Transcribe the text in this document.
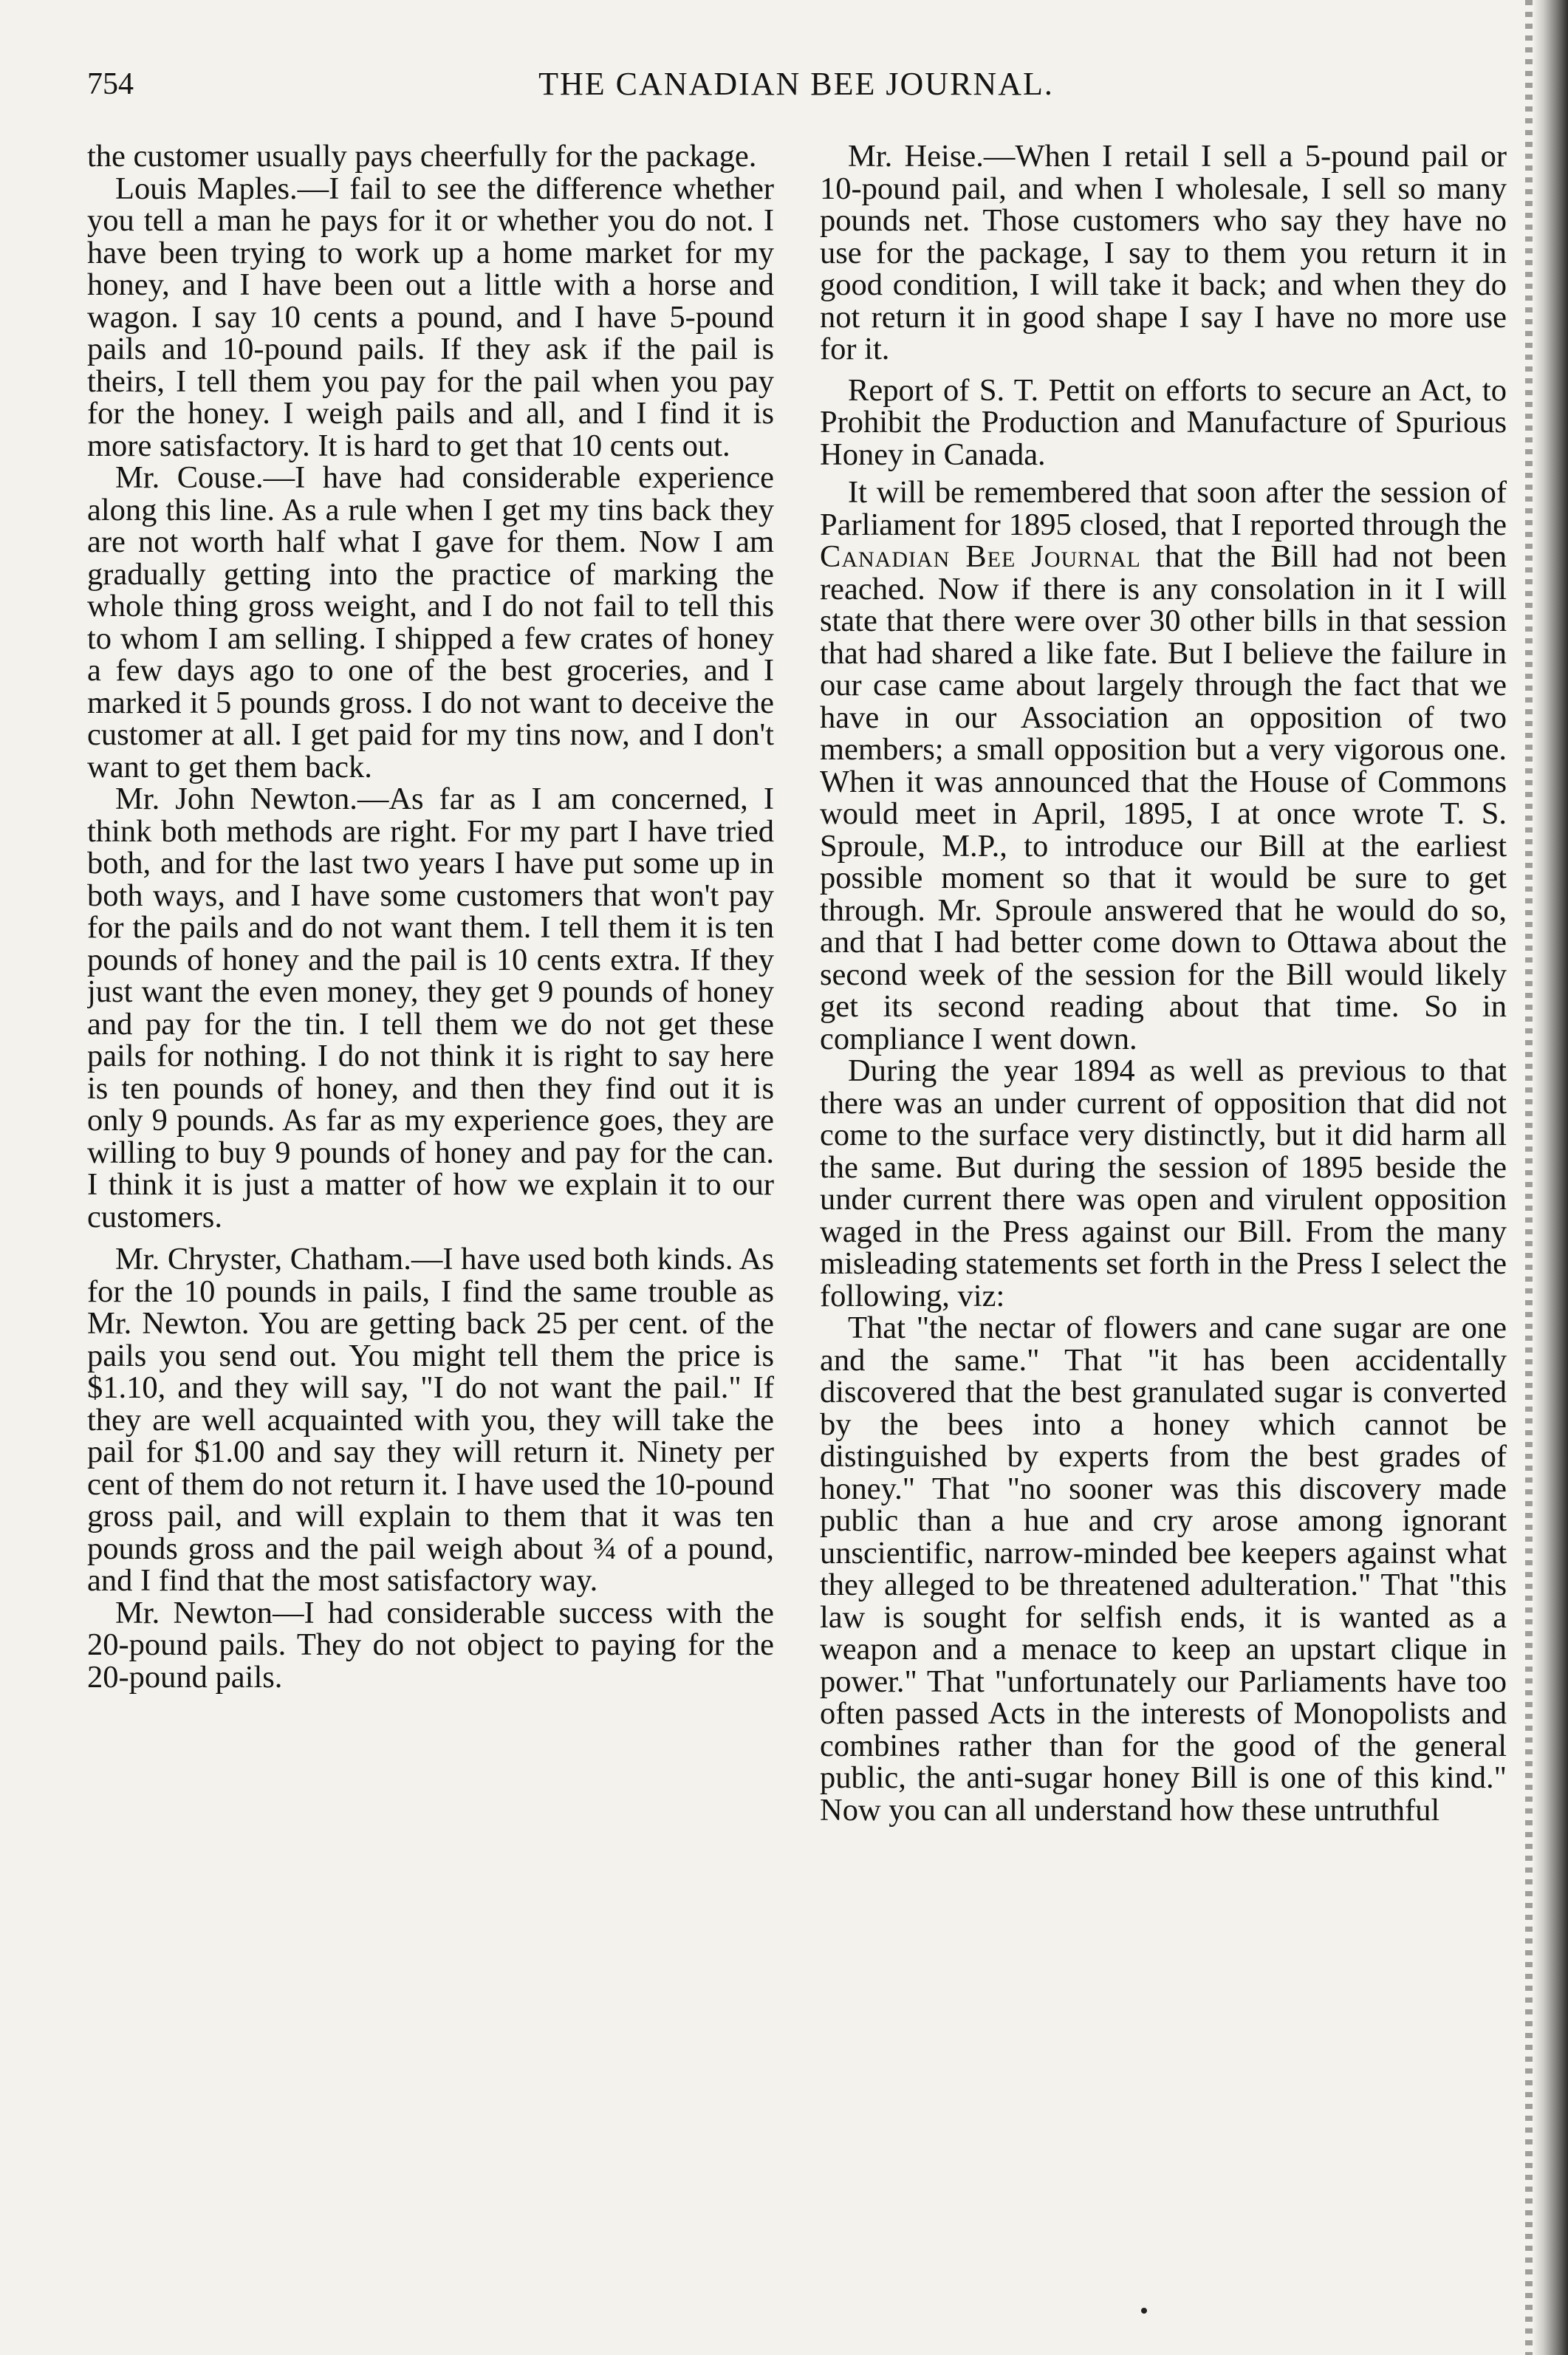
754	THE CANADIAN BEE JOURNAL.

the customer usually pays cheerfully for the package.

Louis Maples.—I fail to see the difference whether you tell a man he pays for it or whether you do not. I have been trying to work up a home market for my honey, and I have been out a little with a horse and wagon. I say 10 cents a pound, and I have 5-pound pails and 10-pound pails. If they ask if the pail is theirs, I tell them you pay for the pail when you pay for the honey. I weigh pails and all, and I find it is more satisfactory. It is hard to get that 10 cents out.

Mr. Couse.—I have had considerable experience along this line. As a rule when I get my tins back they are not worth half what I gave for them. Now I am gradually getting into the practice of marking the whole thing gross weight, and I do not fail to tell this to whom I am selling. I shipped a few crates of honey a few days ago to one of the best groceries, and I marked it 5 pounds gross. I do not want to deceive the customer at all. I get paid for my tins now, and I don't want to get them back.

Mr. John Newton.—As far as I am concerned, I think both methods are right. For my part I have tried both, and for the last two years I have put some up in both ways, and I have some customers that won't pay for the pails and do not want them. I tell them it is ten pounds of honey and the pail is 10 cents extra. If they just want the even money, they get 9 pounds of honey and pay for the tin. I tell them we do not get these pails for nothing. I do not think it is right to say here is ten pounds of honey, and then they find out it is only 9 pounds. As far as my experience goes, they are willing to buy 9 pounds of honey and pay for the can. I think it is just a matter of how we explain it to our customers.

Mr. Chryster, Chatham.—I have used both kinds. As for the 10 pounds in pails, I find the same trouble as Mr. Newton. You are getting back 25 per cent. of the pails you send out. You might tell them the price is $1.10, and they will say, "I do not want the pail." If they are well acquainted with you, they will take the pail for $1.00 and say they will return it. Ninety per cent of them do not return it. I have used the 10-pound gross pail, and will explain to them that it was ten pounds gross and the pail weigh about ¾ of a pound, and I find that the most satisfactory way.

Mr. Newton—I had considerable success with the 20-pound pails. They do not object to paying for the 20-pound pails.

Mr. Heise.—When I retail I sell a 5-pound pail or 10-pound pail, and when I wholesale, I sell so many pounds net. Those customers who say they have no use for the package, I say to them you return it in good condition, I will take it back; and when they do not return it in good shape I say I have no more use for it.

Report of S. T. Pettit on efforts to secure an Act, to Prohibit the Production and Manufacture of Spurious Honey in Canada.

It will be remembered that soon after the session of Parliament for 1895 closed, that I reported through the Canadian Bee Journal that the Bill had not been reached. Now if there is any consolation in it I will state that there were over 30 other bills in that session that had shared a like fate. But I believe the failure in our case came about largely through the fact that we have in our Association an opposition of two members; a small opposition but a very vigorous one. When it was announced that the House of Commons would meet in April, 1895, I at once wrote T. S. Sproule, M.P., to introduce our Bill at the earliest possible moment so that it would be sure to get through. Mr. Sproule answered that he would do so, and that I had better come down to Ottawa about the second week of the session for the Bill would likely get its second reading about that time. So in compliance I went down.

During the year 1894 as well as previous to that there was an under current of opposition that did not come to the surface very distinctly, but it did harm all the same. But during the session of 1895 beside the under current there was open and virulent opposition waged in the Press against our Bill. From the many misleading statements set forth in the Press I select the following, viz:

That "the nectar of flowers and cane sugar are one and the same." That "it has been accidentally discovered that the best granulated sugar is converted by the bees into a honey which cannot be distinguished by experts from the best grades of honey." That "no sooner was this discovery made public than a hue and cry arose among ignorant unscientific, narrow-minded bee keepers against what they alleged to be threatened adulteration." That "this law is sought for selfish ends, it is wanted as a weapon and a menace to keep an upstart clique in power." That "unfortunately our Parliaments have too often passed Acts in the interests of Monopolists and combines rather than for the good of the general public, the anti-sugar honey Bill is one of this kind." Now you can all understand how these untruthful
